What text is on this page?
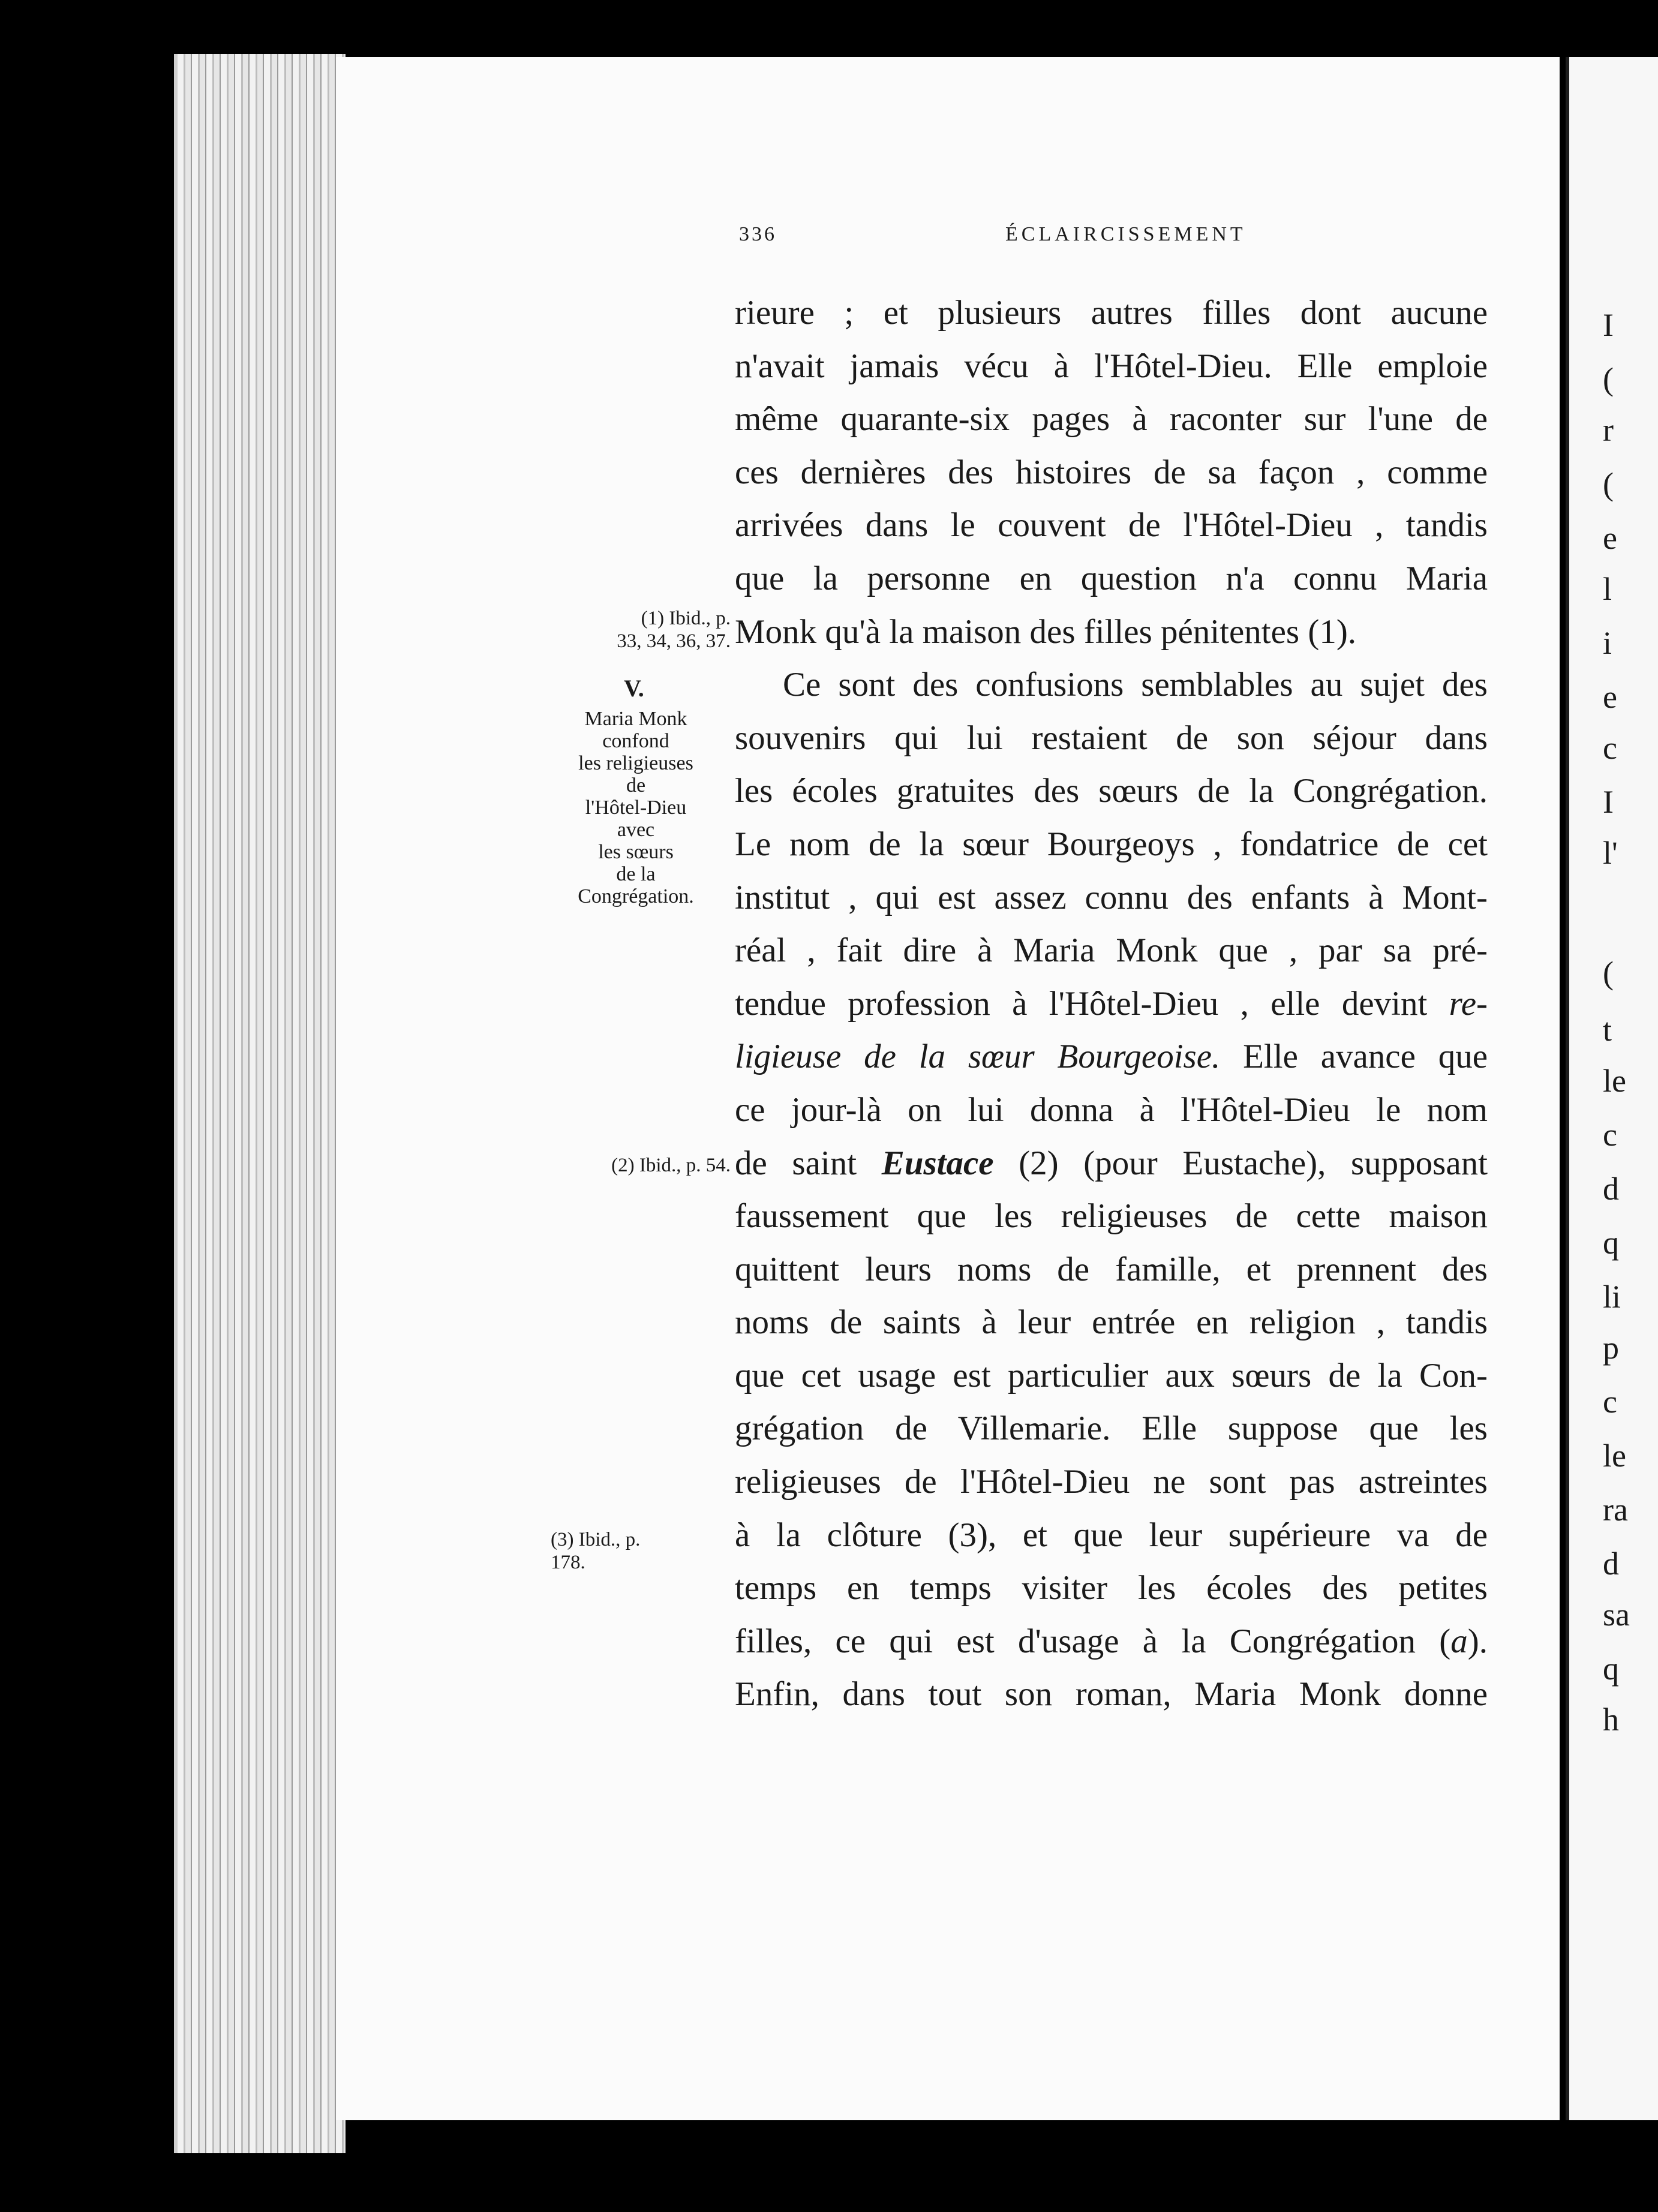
336	ÉCLAIRCISSEMENT
(1) Ibid., p.
33, 34, 36, 37.
V.
Maria Monk
confond
les religieuses
de
l'Hôtel-Dieu
avec
les sœurs
de la
Congrégation.
(2) Ibid., p. 54.
(3) Ibid., p.
178.
rieure ; et plusieurs autres filles dont aucune
n'avait jamais vécu à l'Hôtel-Dieu. Elle emploie
même quarante-six pages à raconter sur l'une de
ces dernières des histoires de sa façon , comme
arrivées dans le couvent de l'Hôtel-Dieu , tandis
que la personne en question n'a connu Maria
Monk qu'à la maison des filles pénitentes (1).
Ce sont des confusions semblables au sujet des
souvenirs qui lui restaient de son séjour dans
les écoles gratuites des sœurs de la Congrégation.
Le nom de la sœur Bourgeoys , fondatrice de cet
institut , qui est assez connu des enfants à Mont-
réal , fait dire à Maria Monk que , par sa pré-
tendue profession à l'Hôtel-Dieu , elle devint re-
ligieuse de la sœur Bourgeoise. Elle avance que
ce jour-là on lui donna à l'Hôtel-Dieu le nom
de saint Eustace (2) (pour Eustache), supposant
faussement que les religieuses de cette maison
quittent leurs noms de famille, et prennent des
noms de saints à leur entrée en religion , tandis
que cet usage est particulier aux sœurs de la Con-
grégation de Villemarie. Elle suppose que les
religieuses de l'Hôtel-Dieu ne sont pas astreintes
à la clôture (3), et que leur supérieure va de
temps en temps visiter les écoles des petites
filles, ce qui est d'usage à la Congrégation (a).
Enfin, dans tout son roman, Maria Monk donne
I
(
r
(
e
l
i
e
c
I
l'
(
t
le
c
d
q
li
p
c
le
ra
d
sa
q
h
